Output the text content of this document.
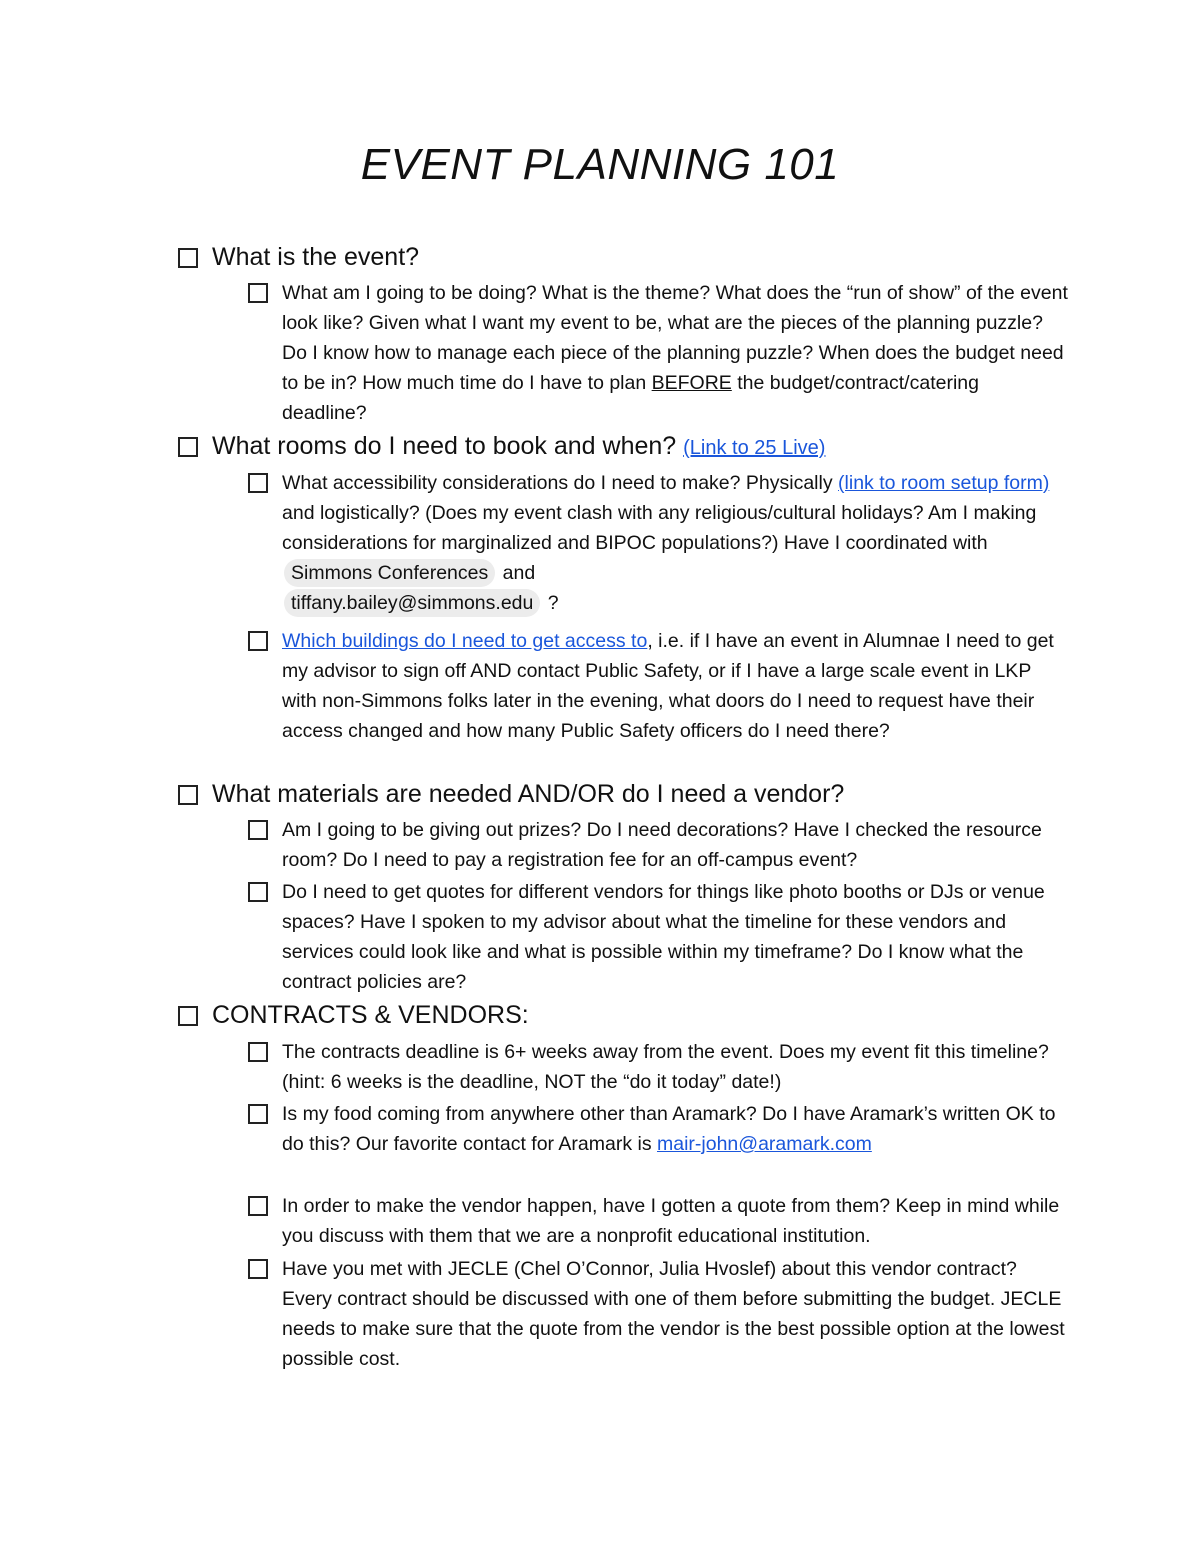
EVENT PLANNING 101
What is the event?
What am I going to be doing? What is the theme? What does the “run of show” of the event look like? Given what I want my event to be, what are the pieces of the planning puzzle? Do I know how to manage each piece of the planning puzzle? When does the budget need to be in? How much time do I have to plan BEFORE the budget/contract/catering deadline?
What rooms do I need to book and when? (Link to 25 Live)
What accessibility considerations do I need to make? Physically (link to room setup form) and logistically? (Does my event clash with any religious/cultural holidays? Am I making considerations for marginalized and BIPOC populations?) Have I coordinated with Simmons Conferences and
tiffany.bailey@simmons.edu ?
Which buildings do I need to get access to, i.e. if I have an event in Alumnae I need to get my advisor to sign off AND contact Public Safety, or if I have a large scale event in LKP with non-Simmons folks later in the evening, what doors do I need to request have their access changed and how many Public Safety officers do I need there?
What materials are needed AND/OR do I need a vendor?
Am I going to be giving out prizes? Do I need decorations? Have I checked the resource room? Do I need to pay a registration fee for an off-campus event?
Do I need to get quotes for different vendors for things like photo booths or DJs or venue spaces? Have I spoken to my advisor about what the timeline for these vendors and services could look like and what is possible within my timeframe? Do I know what the contract policies are?
CONTRACTS & VENDORS:
The contracts deadline is 6+ weeks away from the event. Does my event fit this timeline? (hint: 6 weeks is the deadline, NOT the “do it today” date!)
Is my food coming from anywhere other than Aramark? Do I have Aramark’s written OK to do this? Our favorite contact for Aramark is mair-john@aramark.com
In order to make the vendor happen, have I gotten a quote from them? Keep in mind while you discuss with them that we are a nonprofit educational institution.
Have you met with JECLE (Chel O’Connor, Julia Hvoslef) about this vendor contract? Every contract should be discussed with one of them before submitting the budget. JECLE needs to make sure that the quote from the vendor is the best possible option at the lowest possible cost.
